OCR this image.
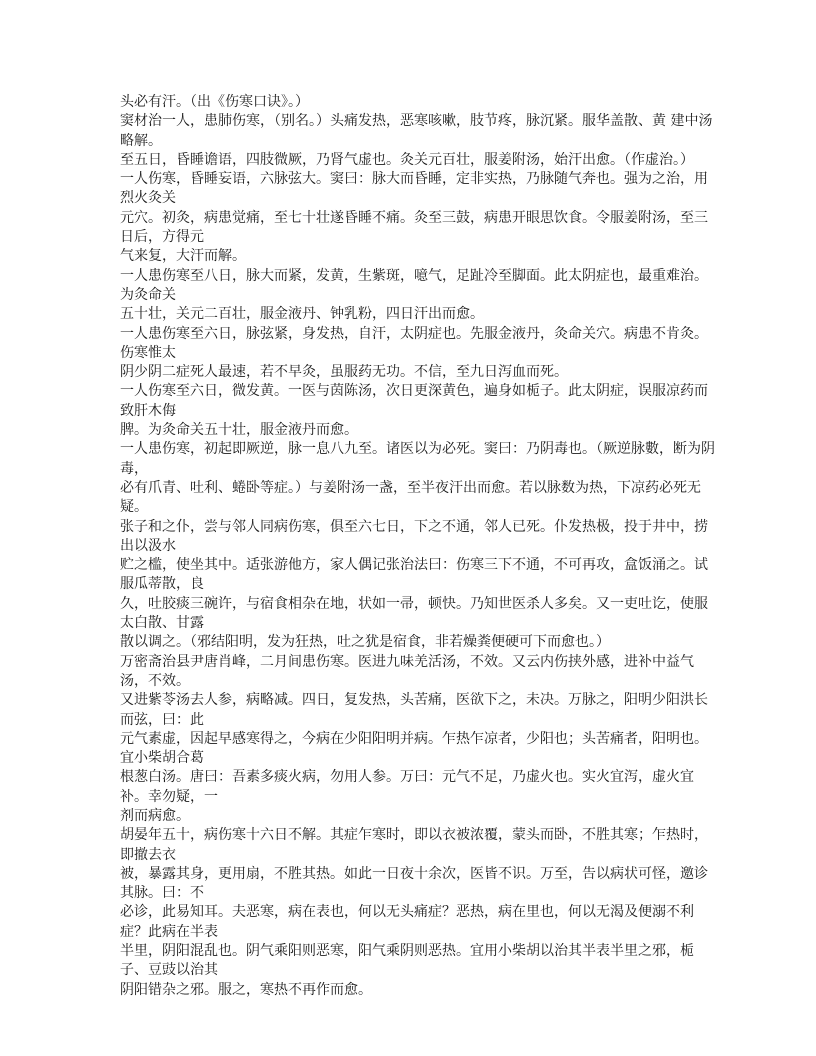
头必有汗。（出《伤寒口诀》。）

窦材治一人，患肺伤寒，（别名。）头痛发热，恶寒咳嗽，肢节疼，脉沉紧。服华盖散、黄 建中汤略解。

至五日，昏睡谵语，四肢微厥，乃肾气虚也。灸关元百壮，服姜附汤，始汗出愈。（作虚治。）

一人伤寒，昏睡妄语，六脉弦大。窦曰：脉大而昏睡，定非实热，乃脉随气奔也。强为之治，用烈火灸关

元穴。初灸，病患觉痛，至七十壮遂昏睡不痛。灸至三鼓，病患开眼思饮食。令服姜附汤，至三日后，方得元

气来复，大汗而解。

一人患伤寒至八日，脉大而紧，发黄，生紫斑，噫气，足趾冷至脚面。此太阴症也，最重难治。为灸命关

五十壮，关元二百壮，服金液丹、钟乳粉，四日汗出而愈。

一人患伤寒至六日，脉弦紧，身发热，自汗，太阴症也。先服金液丹，灸命关穴。病患不肯灸。伤寒惟太

阴少阴二症死人最速，若不早灸，虽服药无功。不信，至九日泻血而死。

一人伤寒至六日，微发黄。一医与茵陈汤，次日更深黄色，遍身如栀子。此太阴症，误服凉药而致肝木侮

脾。为灸命关五十壮，服金液丹而愈。

一人患伤寒，初起即厥逆，脉一息八九至。诸医以为必死。窦曰：乃阴毒也。（厥逆脉數，断为阴毒，

必有爪青、吐利、蜷卧等症。）与姜附汤一盏，至半夜汗出而愈。若以脉数为热，下凉药必死无疑。

张子和之仆，尝与邻人同病伤寒，俱至六七日，下之不通，邻人已死。仆发热极，投于井中，捞出以汲水

贮之槛，使坐其中。适张游他方，家人偶记张治法曰：伤寒三下不通，不可再攻，盒饭涌之。试服瓜蒂散，良

久，吐胶痰三碗许，与宿食相杂在地，状如一帚，顿快。乃知世医杀人多矣。又一吏吐讫，使服太白散、甘露

散以调之。（邪结阳明，发为狂热，吐之犹是宿食，非若燥粪便硬可下而愈也。）

万密斋治县尹唐肖峰，二月间患伤寒。医进九味羌活汤，不效。又云内伤挟外感，进补中益气汤，不效。

又进紫苓汤去人参，病略减。四日，复发热，头苦痛，医欲下之，未决。万脉之，阳明少阳洪长而弦，曰：此

元气素虚，因起早感寒得之，今病在少阳阳明并病。乍热乍凉者，少阳也；头苦痛者，阳明也。宜小柴胡合葛

根葱白汤。唐曰：吾素多痰火病，勿用人参。万曰：元气不足，乃虚火也。实火宜泻，虚火宜补。幸勿疑，一

剂而病愈。

胡晏年五十，病伤寒十六日不解。其症乍寒时，即以衣被浓覆，蒙头而卧，不胜其寒；乍热时，即撤去衣

被，暴露其身，更用扇，不胜其热。如此一日夜十余次，医皆不识。万至，告以病状可怪，邀诊其脉。曰：不

必诊，此易知耳。夫恶寒，病在表也，何以无头痛症？恶热，病在里也，何以无渴及便溺不利症？此病在半表

半里，阴阳混乱也。阴气乘阳则恶寒，阳气乘阴则恶热。宜用小柴胡以治其半表半里之邪，栀子、豆豉以治其

阴阳错杂之邪。服之，寒热不再作而愈。
